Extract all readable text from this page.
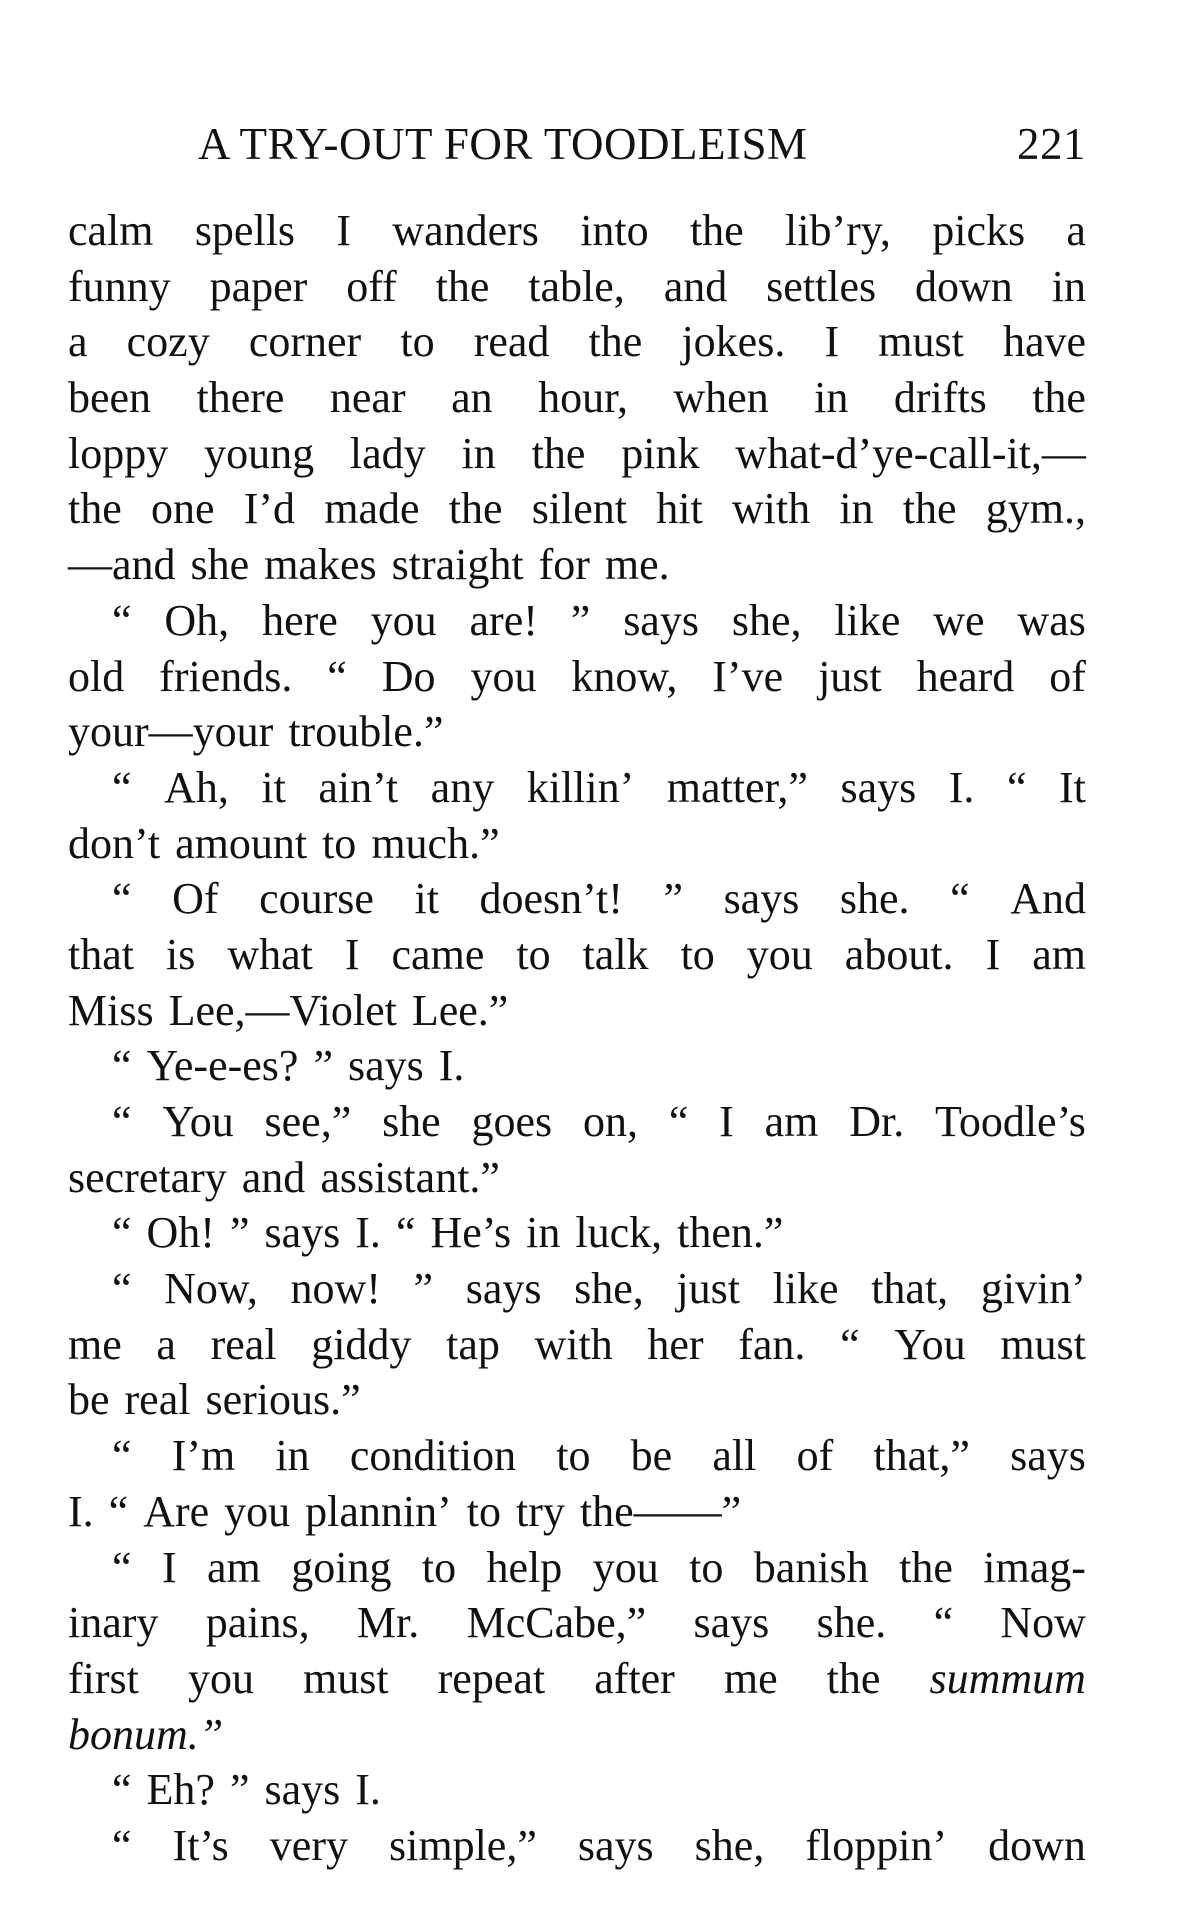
A TRY-OUT FOR TOODLEISM	221
calm spells I wanders into the lib’ry, picks a
funny paper off the table, and settles down in
a cozy corner to read the jokes. I must have
been there near an hour, when in drifts the
loppy young lady in the pink what-d’ye-call-it,—
the one I’d made the silent hit with in the gym.,
—and she makes straight for me.
“ Oh, here you are! ” says she, like we was
old friends. “ Do you know, I’ve just heard of
your—your trouble.”
“ Ah, it ain’t any killin’ matter,” says I. “ It
don’t amount to much.”
“ Of course it doesn’t! ” says she. “ And
that is what I came to talk to you about. I am
Miss Lee,—Violet Lee.”
“ Ye-e-es? ” says I.
“ You see,” she goes on, “ I am Dr. Toodle’s
secretary and assistant.”
“ Oh! ” says I. “ He’s in luck, then.”
“ Now, now! ” says she, just like that, givin’
me a real giddy tap with her fan. “ You must
be real serious.”
“ I’m in condition to be all of that,” says
I. “ Are you plannin’ to try the——”
“ I am going to help you to banish the imag-
inary pains, Mr. McCabe,” says she. “ Now
first you must repeat after me the summum
bonum.”
“ Eh? ” says I.
“ It’s very simple,” says she, floppin’ down
